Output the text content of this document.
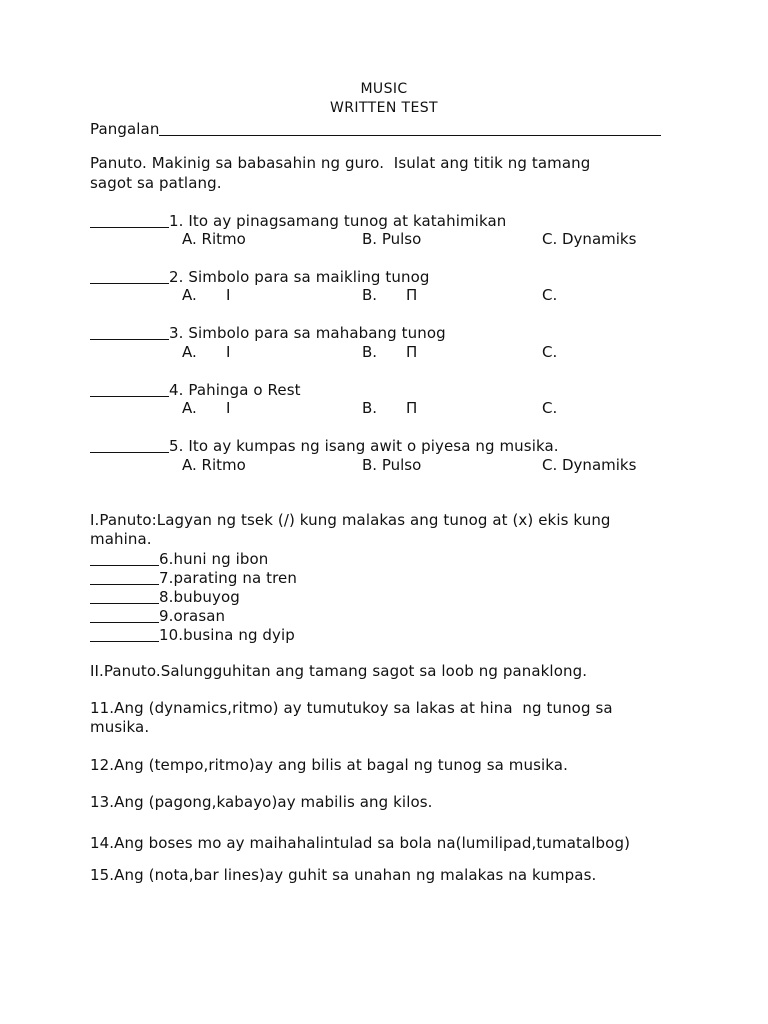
MUSIC
WRITTEN TEST
Pangalan
Panuto. Makinig sa babasahin ng guro.  Isulat ang titik ng tamang
sagot sa patlang.
1. Ito ay pinagsamang tunog at katahimikan
A. Ritmo	B. Pulso	C. Dynamiks
2. Simbolo para sa maikling tunog
A. I	B. П	C.
3. Simbolo para sa mahabang tunog
A. I	B. П	C.
4. Pahinga o Rest
A. I	B. П	C.
5. Ito ay kumpas ng isang awit o piyesa ng musika.
A. Ritmo	B. Pulso	C. Dynamiks
I.Panuto:Lagyan ng tsek (/) kung malakas ang tunog at (x) ekis kung
mahina.
6.huni ng ibon
7.parating na tren
8.bubuyog
9.orasan
10.busina ng dyip
II.Panuto.Salungguhitan ang tamang sagot sa loob ng panaklong.
11.Ang (dynamics,ritmo) ay tumutukoy sa lakas at hina  ng tunog sa
musika.
12.Ang (tempo,ritmo)ay ang bilis at bagal ng tunog sa musika.
13.Ang (pagong,kabayo)ay mabilis ang kilos.
14.Ang boses mo ay maihahalintulad sa bola na(lumilipad,tumatalbog)
15.Ang (nota,bar lines)ay guhit sa unahan ng malakas na kumpas.
